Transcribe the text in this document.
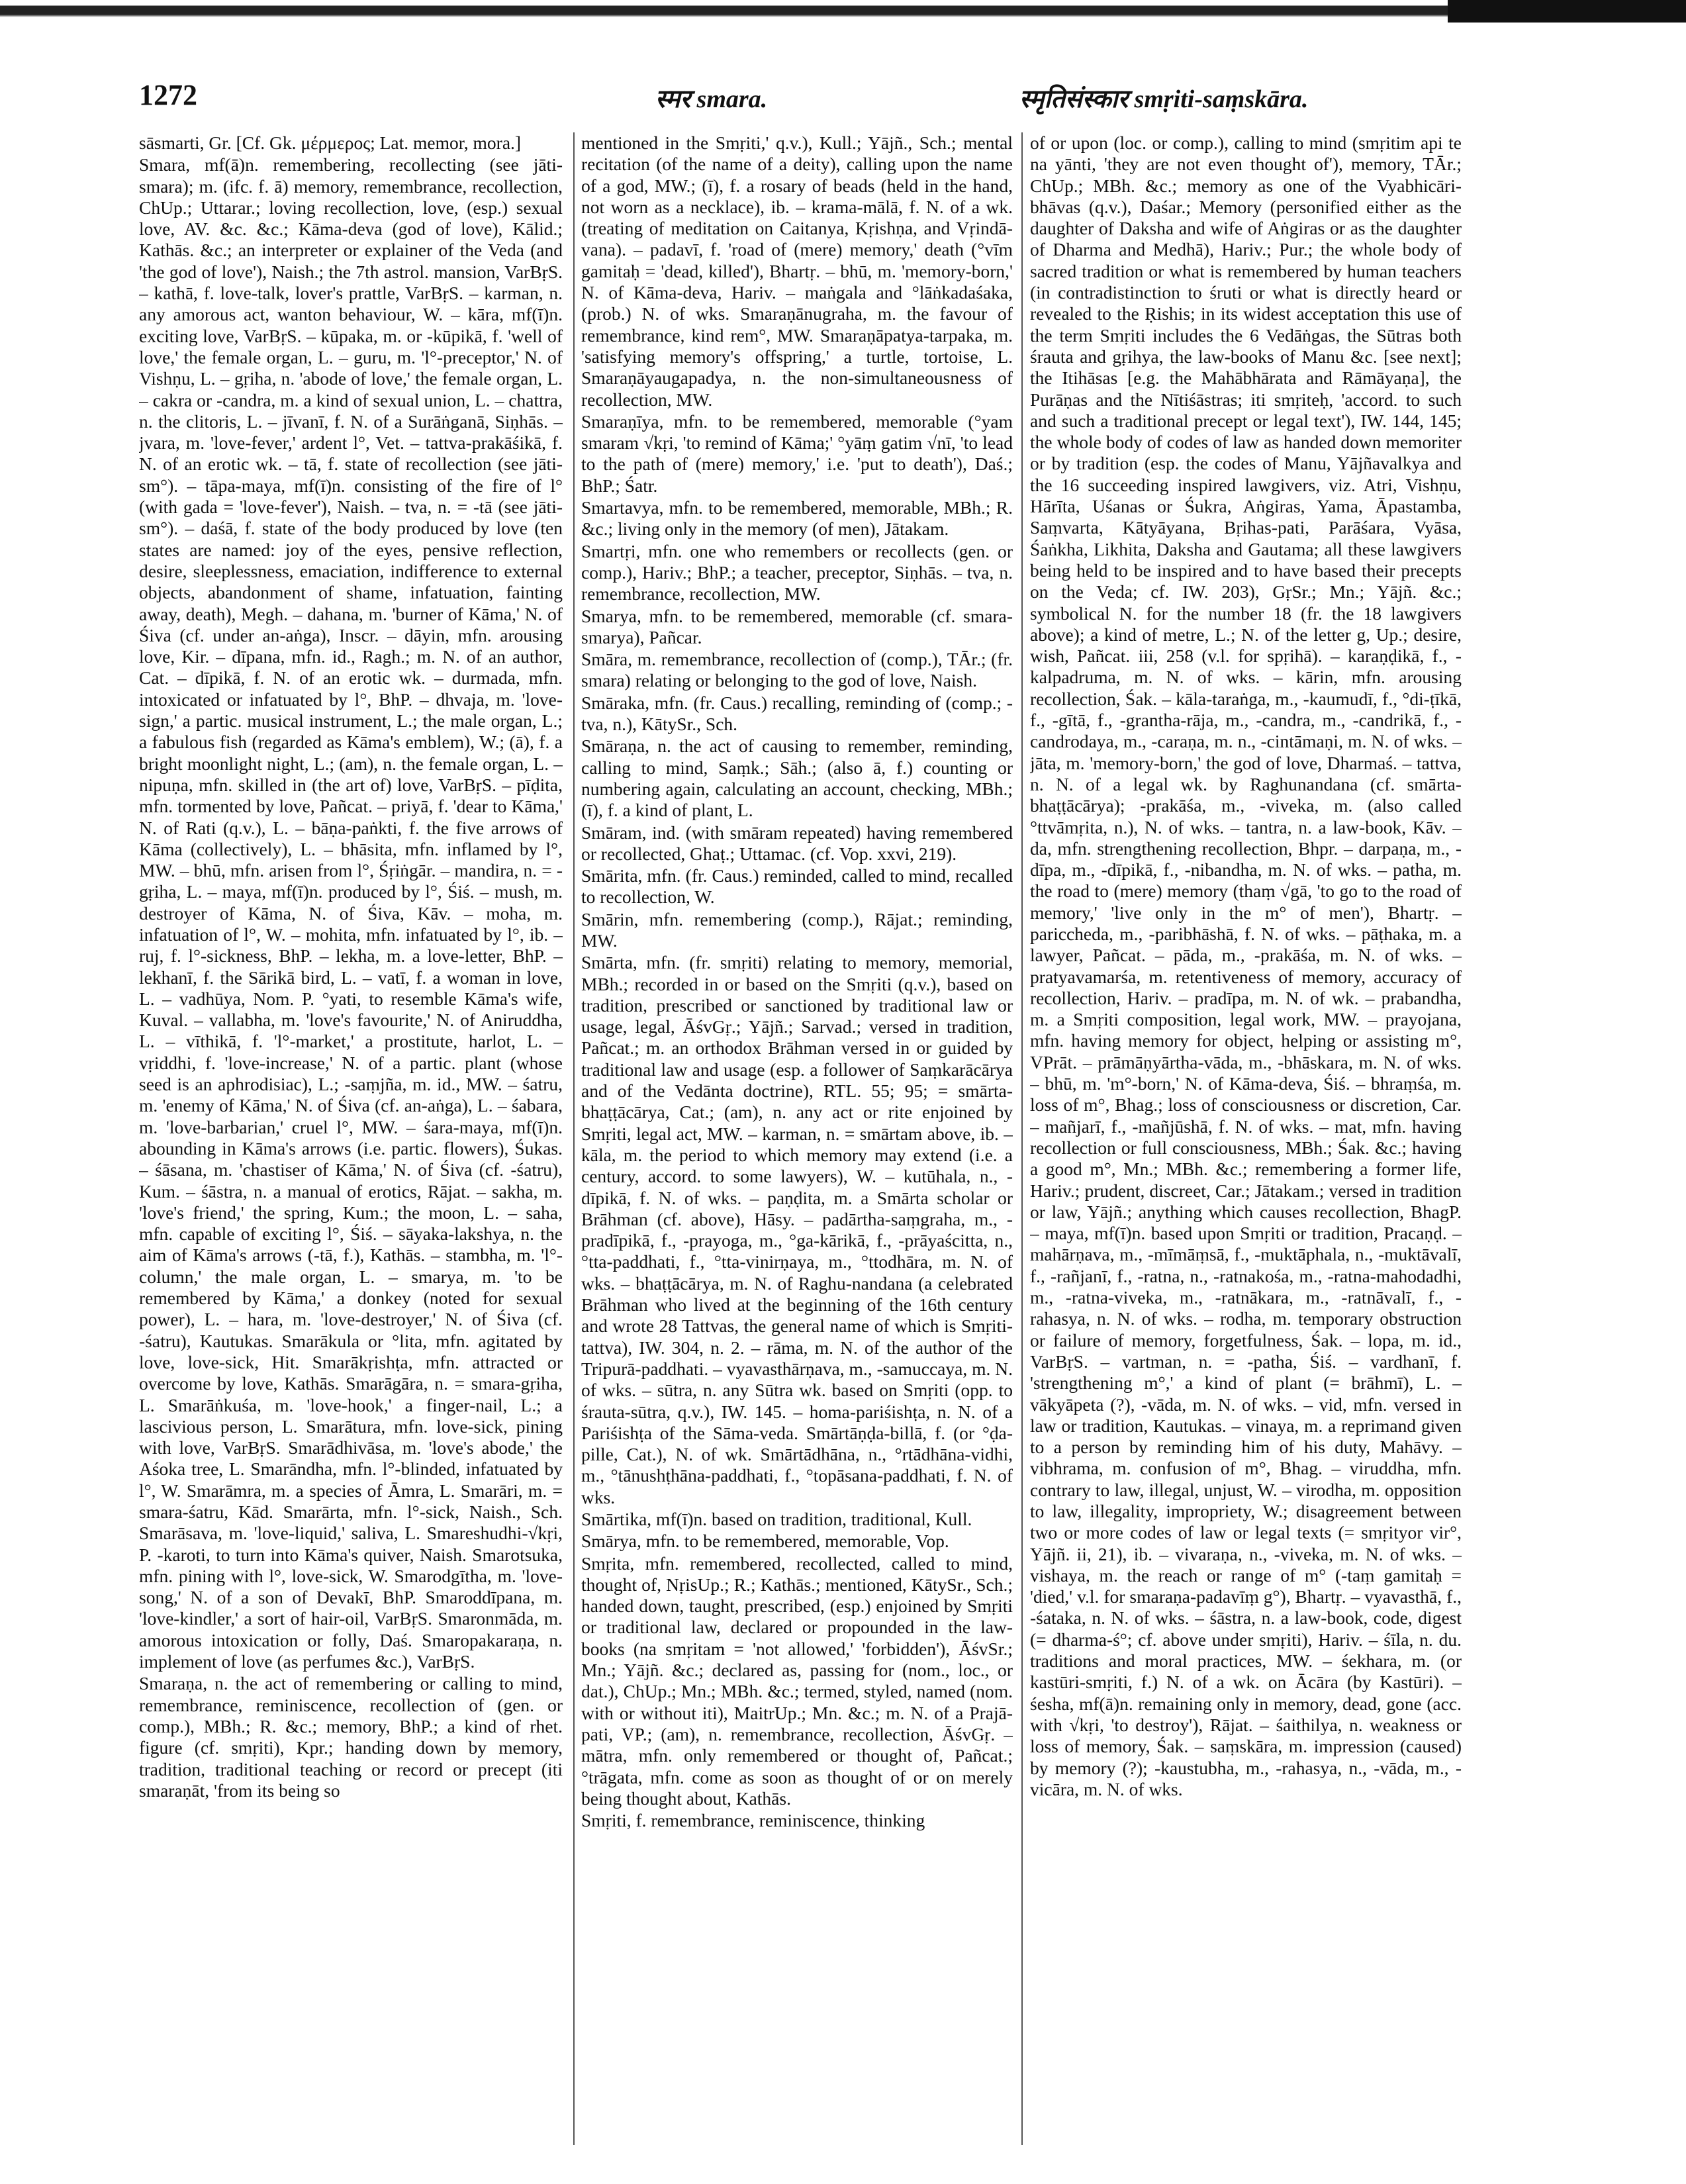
1272	स्मर smara.	स्मृतिसंस्कार smṛiti-saṃskāra.

sāsmarti, Gr. [Cf. Gk. μέρμερος; Lat. memor, mora.]

Smara, mf(ā)n. remembering, recollecting (see jāti-smara); m. (ifc. f. ā) memory, remembrance, recollection, ChUp.; Uttarar.; loving recollection, love, (esp.) sexual love, AV. &c. &c.; Kāma-deva (god of love), Kālid.; Kathās. &c.; an interpreter or explainer of the Veda (and 'the god of love'), Naish.; the 7th astrol. mansion, VarBṛS. – kathā, f. love-talk, lover's prattle, VarBṛS. – karman, n. any amorous act, wanton behaviour, W. – kāra, mf(ī)n. exciting love, VarBṛS. – kūpaka, m. or -kūpikā, f. 'well of love,' the female organ, L. – guru, m. 'l°-preceptor,' N. of Vishṇu, L. – gṛiha, n. 'abode of love,' the female organ, L. – cakra or -candra, m. a kind of sexual union, L. – chattra, n. the clitoris, L. – jīvanī, f. N. of a Surāṅganā, Siṇhās. – jvara, m. 'love-fever,' ardent l°, Vet. – tattva-prakāśikā, f. N. of an erotic wk. – tā, f. state of recollection (see jāti-sm°). – tāpa-maya, mf(ī)n. consisting of the fire of l° (with gada = 'love-fever'), Naish. – tva, n. = -tā (see jāti-sm°). – daśā, f. state of the body produced by love (ten states are named: joy of the eyes, pensive reflection, desire, sleeplessness, emaciation, indifference to external objects, abandonment of shame, infatuation, fainting away, death), Megh. – dahana, m. 'burner of Kāma,' N. of Śiva (cf. under an-aṅga), Inscr. – dāyin, mfn. arousing love, Kir. – dīpana, mfn. id., Ragh.; m. N. of an author, Cat. – dīpikā, f. N. of an erotic wk. – durmada, mfn. intoxicated or infatuated by l°, BhP. – dhvaja, m. 'love-sign,' a partic. musical instrument, L.; the male organ, L.; a fabulous fish (regarded as Kāma's emblem), W.; (ā), f. a bright moonlight night, L.; (am), n. the female organ, L. – nipuṇa, mfn. skilled in (the art of) love, VarBṛS. – pīḍita, mfn. tormented by love, Pañcat. – priyā, f. 'dear to Kāma,' N. of Rati (q.v.), L. – bāṇa-paṅkti, f. the five arrows of Kāma (collectively), L. – bhāsita, mfn. inflamed by l°, MW. – bhū, mfn. arisen from l°, Śṛiṅgār. – mandira, n. = -gṛiha, L. – maya, mf(ī)n. produced by l°, Śiś. – mush, m. destroyer of Kāma, N. of Śiva, Kāv. – moha, m. infatuation of l°, W. – mohita, mfn. infatuated by l°, ib. – ruj, f. l°-sickness, BhP. – lekha, m. a love-letter, BhP. – lekhanī, f. the Sārikā bird, L. – vatī, f. a woman in love, L. – vadhūya, Nom. P. °yati, to resemble Kāma's wife, Kuval. – vallabha, m. 'love's favourite,' N. of Aniruddha, L. – vīthikā, f. 'l°-market,' a prostitute, harlot, L. – vṛiddhi, f. 'love-increase,' N. of a partic. plant (whose seed is an aphrodisiac), L.; -saṃjña, m. id., MW. – śatru, m. 'enemy of Kāma,' N. of Śiva (cf. an-aṅga), L. – śabara, m. 'love-barbarian,' cruel l°, MW. – śara-maya, mf(ī)n. abounding in Kāma's arrows (i.e. partic. flowers), Śukas. – śāsana, m. 'chastiser of Kāma,' N. of Śiva (cf. -śatru), Kum. – śāstra, n. a manual of erotics, Rājat. – sakha, m. 'love's friend,' the spring, Kum.; the moon, L. – saha, mfn. capable of exciting l°, Śiś. – sāyaka-lakshya, n. the aim of Kāma's arrows (-tā, f.), Kathās. – stambha, m. 'l°-column,' the male organ, L. – smarya, m. 'to be remembered by Kāma,' a donkey (noted for sexual power), L. – hara, m. 'love-destroyer,' N. of Śiva (cf. -śatru), Kautukas. Smarākula or °lita, mfn. agitated by love, love-sick, Hit. Smarākṛishṭa, mfn. attracted or overcome by love, Kathās. Smarāgāra, n. = smara-gṛiha, L. Smarāṅkuśa, m. 'love-hook,' a finger-nail, L.; a lascivious person, L. Smarātura, mfn. love-sick, pining with love, VarBṛS. Smarādhivāsa, m. 'love's abode,' the Aśoka tree, L. Smarāndha, mfn. l°-blinded, infatuated by l°, W. Smarāmra, m. a species of Āmra, L. Smarāri, m. = smara-śatru, Kād. Smarārta, mfn. l°-sick, Naish., Sch. Smarāsava, m. 'love-liquid,' saliva, L. Smareshudhi-√kṛi, P. -karoti, to turn into Kāma's quiver, Naish. Smarotsuka, mfn. pining with l°, love-sick, W. Smarodgītha, m. 'love-song,' N. of a son of Devakī, BhP. Smaroddīpana, m. 'love-kindler,' a sort of hair-oil, VarBṛS. Smaronmāda, m. amorous intoxication or folly, Daś. Smaropakaraṇa, n. implement of love (as perfumes &c.), VarBṛS.

Smaraṇa, n. the act of remembering or calling to mind, remembrance, reminiscence, recollection of (gen. or comp.), MBh.; R. &c.; memory, BhP.; a kind of rhet. figure (cf. smṛiti), Kpr.; handing down by memory, tradition, traditional teaching or record or precept (iti smaraṇāt, 'from its being so

mentioned in the Smṛiti,' q.v.), Kull.; Yājñ., Sch.; mental recitation (of the name of a deity), calling upon the name of a god, MW.; (ī), f. a rosary of beads (held in the hand, not worn as a necklace), ib. – krama-mālā, f. N. of a wk. (treating of meditation on Caitanya, Kṛishṇa, and Vṛindā-vana). – padavī, f. 'road of (mere) memory,' death (°vīm gamitaḥ = 'dead, killed'), Bhartṛ. – bhū, m. 'memory-born,' N. of Kāma-deva, Hariv. – maṅgala and °lāṅkadaśaka, (prob.) N. of wks. Smaraṇānugraha, m. the favour of remembrance, kind rem°, MW. Smaraṇāpatya-tarpaka, m. 'satisfying memory's offspring,' a turtle, tortoise, L. Smaraṇāyaugapadya, n. the non-simultaneousness of recollection, MW.

Smaraṇīya, mfn. to be remembered, memorable (°yam smaram √kṛi, 'to remind of Kāma;' °yāṃ gatim √nī, 'to lead to the path of (mere) memory,' i.e. 'put to death'), Daś.; BhP.; Śatr.

Smartavya, mfn. to be remembered, memorable, MBh.; R. &c.; living only in the memory (of men), Jātakam.

Smartṛi, mfn. one who remembers or recollects (gen. or comp.), Hariv.; BhP.; a teacher, preceptor, Siṇhās. – tva, n. remembrance, recollection, MW.

Smarya, mfn. to be remembered, memorable (cf. smara-smarya), Pañcar.

Smāra, m. remembrance, recollection of (comp.), TĀr.; (fr. smara) relating or belonging to the god of love, Naish.

Smāraka, mfn. (fr. Caus.) recalling, reminding of (comp.; -tva, n.), KātySr., Sch.

Smāraṇa, n. the act of causing to remember, reminding, calling to mind, Saṃk.; Sāh.; (also ā, f.) counting or numbering again, calculating an account, checking, MBh.; (ī), f. a kind of plant, L.

Smāram, ind. (with smāram repeated) having remembered or recollected, Ghaṭ.; Uttamac. (cf. Vop. xxvi, 219).

Smārita, mfn. (fr. Caus.) reminded, called to mind, recalled to recollection, W.

Smārin, mfn. remembering (comp.), Rājat.; reminding, MW.

Smārta, mfn. (fr. smṛiti) relating to memory, memorial, MBh.; recorded in or based on the Smṛiti (q.v.), based on tradition, prescribed or sanctioned by traditional law or usage, legal, ĀśvGṛ.; Yājñ.; Sarvad.; versed in tradition, Pañcat.; m. an orthodox Brāhman versed in or guided by traditional law and usage (esp. a follower of Saṃkarācārya and of the Vedānta doctrine), RTL. 55; 95; = smārta-bhaṭṭācārya, Cat.; (am), n. any act or rite enjoined by Smṛiti, legal act, MW. – karman, n. = smārtam above, ib. – kāla, m. the period to which memory may extend (i.e. a century, accord. to some lawyers), W. – kutūhala, n., -dīpikā, f. N. of wks. – paṇḍita, m. a Smārta scholar or Brāhman (cf. above), Hāsy. – padārtha-saṃgraha, m., -pradīpikā, f., -prayoga, m., °ga-kārikā, f., -prāyaścitta, n., °tta-paddhati, f., °tta-vinirṇaya, m., °ttodhāra, m. N. of wks. – bhaṭṭācārya, m. N. of Raghu-nandana (a celebrated Brāhman who lived at the beginning of the 16th century and wrote 28 Tattvas, the general name of which is Smṛiti-tattva), IW. 304, n. 2. – rāma, m. N. of the author of the Tripurā-paddhati. – vyavasthārṇava, m., -samuccaya, m. N. of wks. – sūtra, n. any Sūtra wk. based on Smṛiti (opp. to śrauta-sūtra, q.v.), IW. 145. – homa-pariśishṭa, n. N. of a Pariśishṭa of the Sāma-veda. Smārtāṇḍa-billā, f. (or °ḍa-pille, Cat.), N. of wk. Smārtādhāna, n., °rtādhāna-vidhi, m., °tānushṭhāna-paddhati, f., °topāsana-paddhati, f. N. of wks.

Smārtika, mf(ī)n. based on tradition, traditional, Kull.

Smārya, mfn. to be remembered, memorable, Vop.

Smṛita, mfn. remembered, recollected, called to mind, thought of, NṛisUp.; R.; Kathās.; mentioned, KātySr., Sch.; handed down, taught, prescribed, (esp.) enjoined by Smṛiti or traditional law, declared or propounded in the law-books (na smṛitam = 'not allowed,' 'forbidden'), ĀśvSr.; Mn.; Yājñ. &c.; declared as, passing for (nom., loc., or dat.), ChUp.; Mn.; MBh. &c.; termed, styled, named (nom. with or without iti), MaitrUp.; Mn. &c.; m. N. of a Prajā-pati, VP.; (am), n. remembrance, recollection, ĀśvGṛ. – mātra, mfn. only remembered or thought of, Pañcat.; °trāgata, mfn. come as soon as thought of or on merely being thought about, Kathās.

Smṛiti, f. remembrance, reminiscence, thinking

of or upon (loc. or comp.), calling to mind (smṛitim api te na yānti, 'they are not even thought of'), memory, TĀr.; ChUp.; MBh. &c.; memory as one of the Vyabhicāri-bhāvas (q.v.), Daśar.; Memory (personified either as the daughter of Daksha and wife of Aṅgiras or as the daughter of Dharma and Medhā), Hariv.; Pur.; the whole body of sacred tradition or what is remembered by human teachers (in contradistinction to śruti or what is directly heard or revealed to the Ṛishis; in its widest acceptation this use of the term Smṛiti includes the 6 Vedāṅgas, the Sūtras both śrauta and gṛihya, the law-books of Manu &c. [see next]; the Itihāsas [e.g. the Mahābhārata and Rāmāyaṇa], the Purāṇas and the Nītiśāstras; iti smṛiteḥ, 'accord. to such and such a traditional precept or legal text'), IW. 144, 145; the whole body of codes of law as handed down memoriter or by tradition (esp. the codes of Manu, Yājñavalkya and the 16 succeeding inspired lawgivers, viz. Atri, Vishṇu, Hārīta, Uśanas or Śukra, Aṅgiras, Yama, Āpastamba, Saṃvarta, Kātyāyana, Bṛihas-pati, Parāśara, Vyāsa, Śaṅkha, Likhita, Daksha and Gautama; all these lawgivers being held to be inspired and to have based their precepts on the Veda; cf. IW. 203), GṛSr.; Mn.; Yājñ. &c.; symbolical N. for the number 18 (fr. the 18 lawgivers above); a kind of metre, L.; N. of the letter g, Up.; desire, wish, Pañcat. iii, 258 (v.l. for spṛihā). – karaṇḍikā, f., -kalpadruma, m. N. of wks. – kārin, mfn. arousing recollection, Śak. – kāla-taraṅga, m., -kaumudī, f., °di-ṭīkā, f., -gītā, f., -grantha-rāja, m., -candra, m., -candrikā, f., -candrodaya, m., -caraṇa, m. n., -cintāmaṇi, m. N. of wks. – jāta, m. 'memory-born,' the god of love, Dharmaś. – tattva, n. N. of a legal wk. by Raghunandana (cf. smārta-bhaṭṭācārya); -prakāśa, m., -viveka, m. (also called °ttvāmṛita, n.), N. of wks. – tantra, n. a law-book, Kāv. – da, mfn. strengthening recollection, Bhpr. – darpaṇa, m., -dīpa, m., -dīpikā, f., -nibandha, m. N. of wks. – patha, m. the road to (mere) memory (thaṃ √gā, 'to go to the road of memory,' 'live only in the m° of men'), Bhartṛ. – pariccheda, m., -paribhāshā, f. N. of wks. – pāṭhaka, m. a lawyer, Pañcat. – pāda, m., -prakāśa, m. N. of wks. – pratyavamarśa, m. retentiveness of memory, accuracy of recollection, Hariv. – pradīpa, m. N. of wk. – prabandha, m. a Smṛiti composition, legal work, MW. – prayojana, mfn. having memory for object, helping or assisting m°, VPrāt. – prāmāṇyārtha-vāda, m., -bhāskara, m. N. of wks. – bhū, m. 'm°-born,' N. of Kāma-deva, Śiś. – bhraṃśa, m. loss of m°, Bhag.; loss of consciousness or discretion, Car. – mañjarī, f., -mañjūshā, f. N. of wks. – mat, mfn. having recollection or full consciousness, MBh.; Śak. &c.; having a good m°, Mn.; MBh. &c.; remembering a former life, Hariv.; prudent, discreet, Car.; Jātakam.; versed in tradition or law, Yājñ.; anything which causes recollection, BhagP. – maya, mf(ī)n. based upon Smṛiti or tradition, Pracaṇḍ. – mahārṇava, m., -mīmāṃsā, f., -muktāphala, n., -muktāvalī, f., -rañjanī, f., -ratna, n., -ratnakośa, m., -ratna-mahodadhi, m., -ratna-viveka, m., -ratnākara, m., -ratnāvalī, f., -rahasya, n. N. of wks. – rodha, m. temporary obstruction or failure of memory, forgetfulness, Śak. – lopa, m. id., VarBṛS. – vartman, n. = -patha, Śiś. – vardhanī, f. 'strengthening m°,' a kind of plant (= brāhmī), L. – vākyāpeta (?), -vāda, m. N. of wks. – vid, mfn. versed in law or tradition, Kautukas. – vinaya, m. a reprimand given to a person by reminding him of his duty, Mahāvy. – vibhrama, m. confusion of m°, Bhag. – viruddha, mfn. contrary to law, illegal, unjust, W. – virodha, m. opposition to law, illegality, impropriety, W.; disagreement between two or more codes of law or legal texts (= smṛityor vir°, Yājñ. ii, 21), ib. – vivaraṇa, n., -viveka, m. N. of wks. – vishaya, m. the reach or range of m° (-taṃ gamitaḥ = 'died,' v.l. for smaraṇa-padavīṃ g°), Bhartṛ. – vyavasthā, f., -śataka, n. N. of wks. – śāstra, n. a law-book, code, digest (= dharma-ś°; cf. above under smṛiti), Hariv. – śīla, n. du. traditions and moral practices, MW. – śekhara, m. (or kastūri-smṛiti, f.) N. of a wk. on Ācāra (by Kastūri). – śesha, mf(ā)n. remaining only in memory, dead, gone (acc. with √kṛi, 'to destroy'), Rājat. – śaithilya, n. weakness or loss of memory, Śak. – saṃskāra, m. impression (caused) by memory (?); -kaustubha, m., -rahasya, n., -vāda, m., -vicāra, m. N. of wks.
